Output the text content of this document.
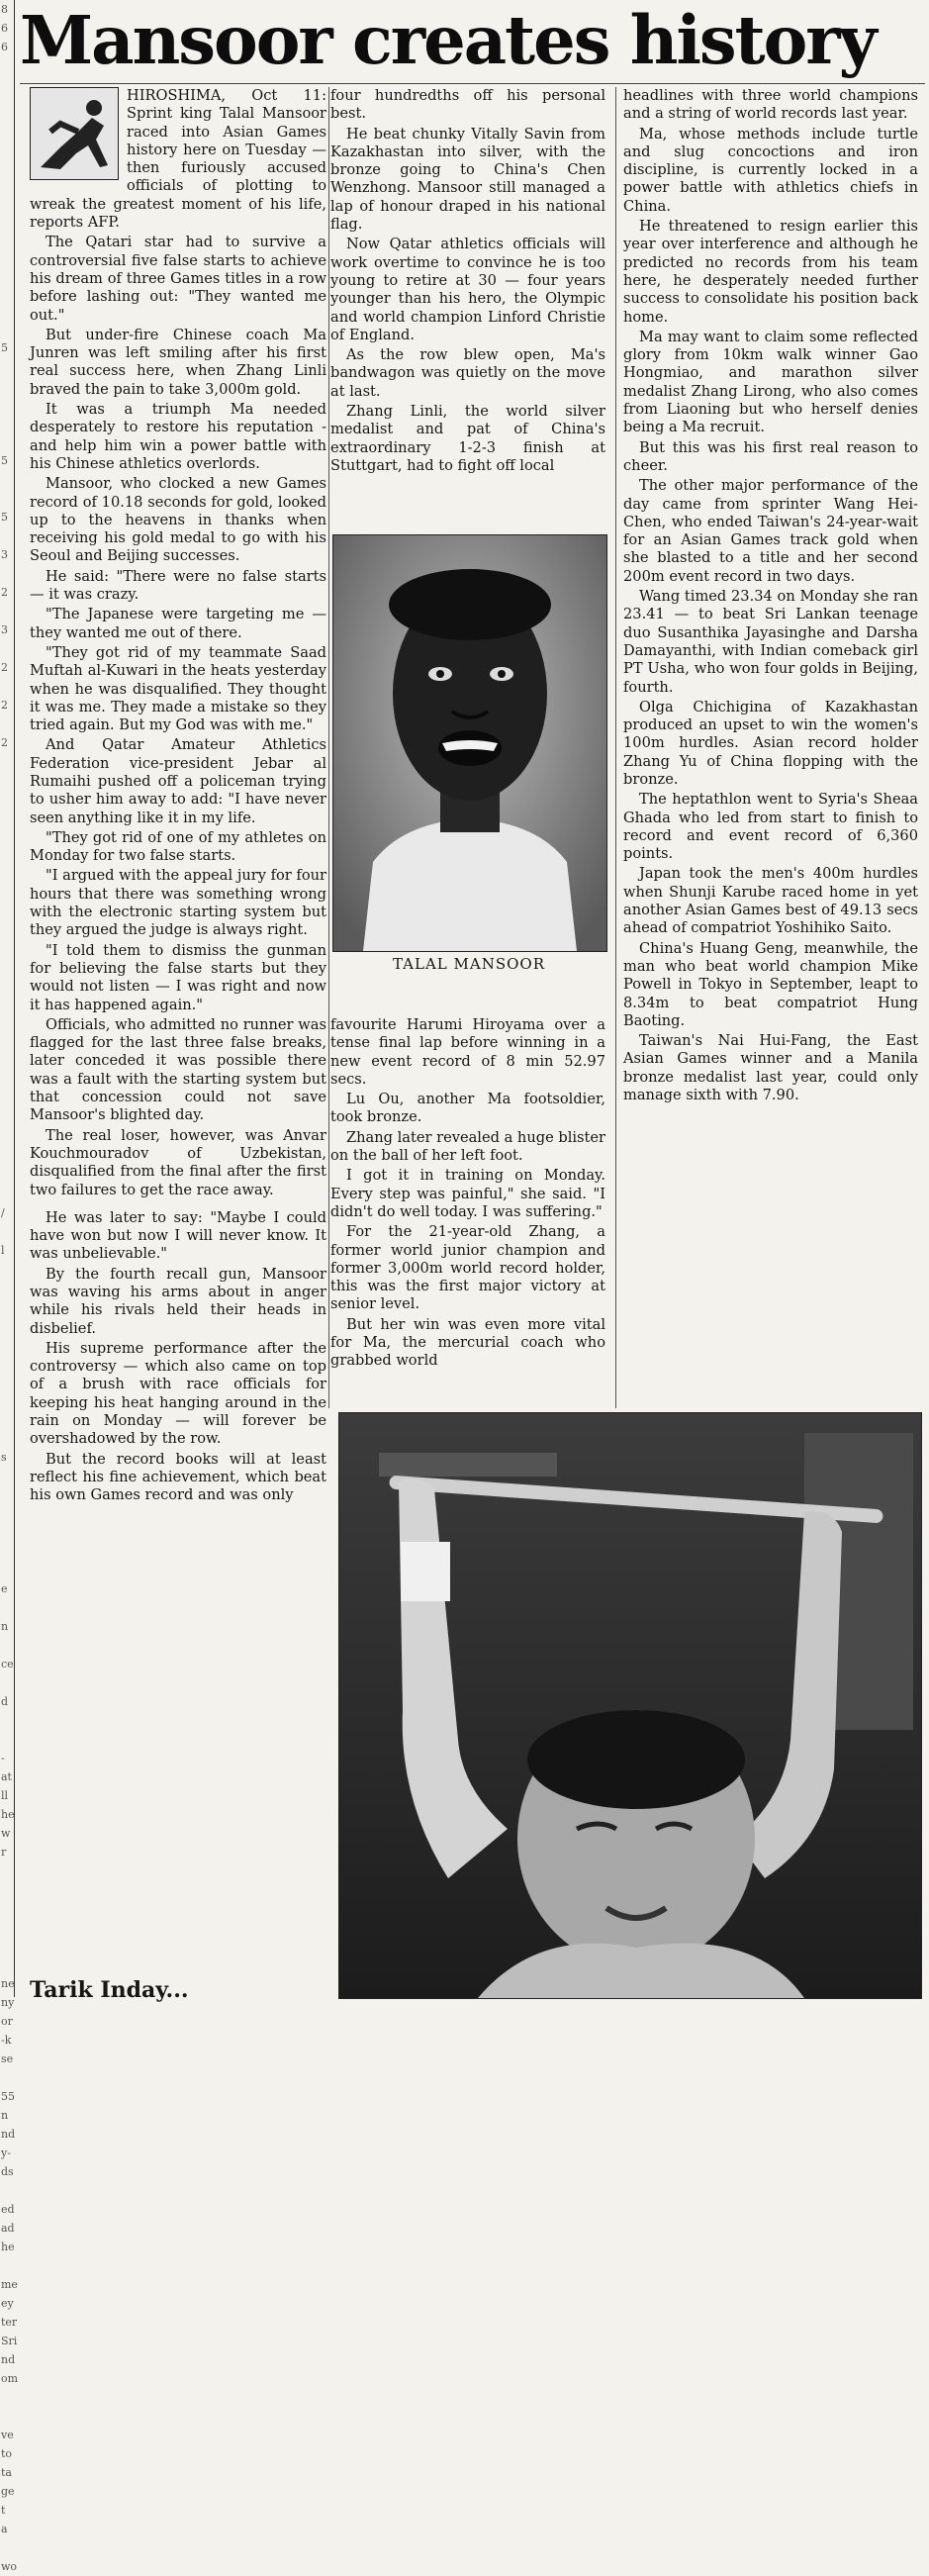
8
6
6
5
5
5
3
2
3
2
2
2
/
l
s
e
n
ce
d
-
at
ll
he
w
r
ne
ny
or
-k
se
55
n
nd
y-
ds
ed
ad
he
me
ey
ter
Sri
nd
om
ve
to
ta
ge
t
a
wo
Mansoor creates history

HIROSHIMA, Oct 11: Sprint king Talal Mansoor raced into Asian Games history here on Tuesday — then furiously accused officials of plotting to wreak the greatest moment of his life, reports AFP.

The Qatari star had to survive a controversial five false starts to achieve his dream of three Games titles in a row before lashing out: "They wanted me out."

But under-fire Chinese coach Ma Junren was left smiling after his first real success here, when Zhang Linli braved the pain to take 3,000m gold.

It was a triumph Ma needed desperately to restore his reputation - and help him win a power battle with his Chinese athletics overlords.

Mansoor, who clocked a new Games record of 10.18 seconds for gold, looked up to the heavens in thanks when receiving his gold medal to go with his Seoul and Beijing successes.

He said: "There were no false starts — it was crazy.

"The Japanese were targeting me — they wanted me out of there.

"They got rid of my teammate Saad Muftah al-Kuwari in the heats yesterday when he was disqualified. They thought it was me. They made a mistake so they tried again. But my God was with me."

And Qatar Amateur Athletics Federation vice-president Jebar al Rumaihi pushed off a policeman trying to usher him away to add: "I have never seen anything like it in my life.

"They got rid of one of my athletes on Monday for two false starts.

"I argued with the appeal jury for four hours that there was something wrong with the electronic starting system but they argued the judge is always right.

"I told them to dismiss the gunman for believing the false starts but they would not listen — I was right and now it has happened again."

Officials, who admitted no runner was flagged for the last three false breaks, later conceded it was possible there was a fault with the starting system but that concession could not save Mansoor's blighted day.

The real loser, however, was Anvar Kouchmouradov of Uzbekistan, disqualified from the final after the first two failures to get the race away.

He was later to say: "Maybe I could have won but now I will never know. It was unbelievable."

By the fourth recall gun, Mansoor was waving his arms about in anger while his rivals held their heads in disbelief.

His supreme performance after the controversy — which also came on top of a brush with race officials for keeping his heat hanging around in the rain on Monday — will forever be overshadowed by the row.

But the record books will at least reflect his fine achievement, which beat his own Games record and was only

four hundredths off his personal best.

He beat chunky Vitally Savin from Kazakhastan into silver, with the bronze going to China's Chen Wenzhong. Mansoor still managed a lap of honour draped in his national flag.

Now Qatar athletics officials will work overtime to convince he is too young to retire at 30 — four years younger than his hero, the Olympic and world champion Linford Christie of England.

As the row blew open, Ma's bandwagon was quietly on the move at last.

Zhang Linli, the world silver medalist and pat of China's extraordinary 1-2-3 finish at Stuttgart, had to fight off local

TALAL MANSOOR

favourite Harumi Hiroyama over a tense final lap before winning in a new event record of 8 min 52.97 secs.

Lu Ou, another Ma footsoldier, took bronze.

Zhang later revealed a huge blister on the ball of her left foot.

I got it in training on Monday. Every step was painful," she said. "I didn't do well today. I was suffering."

For the 21-year-old Zhang, a former world junior champion and former 3,000m world record holder, this was the first major victory at senior level.

But her win was even more vital for Ma, the mercurial coach who grabbed world

headlines with three world champions and a string of world records last year.

Ma, whose methods include turtle and slug concoctions and iron discipline, is currently locked in a power battle with athletics chiefs in China.

He threatened to resign earlier this year over interference and although he predicted no records from his team here, he desperately needed further success to consolidate his position back home.

Ma may want to claim some reflected glory from 10km walk winner Gao Hongmiao, and marathon silver medalist Zhang Lirong, who also comes from Liaoning but who herself denies being a Ma recruit.

But this was his first real reason to cheer.

The other major performance of the day came from sprinter Wang Hei-Chen, who ended Taiwan's 24-year-wait for an Asian Games track gold when she blasted to a title and her second 200m event record in two days.

Wang timed 23.34 on Monday she ran 23.41 — to beat Sri Lankan teenage duo Susanthika Jayasinghe and Darsha Damayanthi, with Indian comeback girl PT Usha, who won four golds in Beijing, fourth.

Olga Chichigina of Kazakhastan produced an upset to win the women's 100m hurdles. Asian record holder Zhang Yu of China flopping with the bronze.

The heptathlon went to Syria's Sheaa Ghada who led from start to finish to record and event record of 6,360 points.

Japan took the men's 400m hurdles when Shunji Karube raced home in yet another Asian Games best of 49.13 secs ahead of compatriot Yoshihiko Saito.

China's Huang Geng, meanwhile, the man who beat world champion Mike Powell in Tokyo in September, leapt to 8.34m to beat compatriot Hung Baoting.

Taiwan's Nai Hui-Fang, the East Asian Games winner and a Manila bronze medalist last year, could only manage sixth with 7.90.

Tarik Inday...
